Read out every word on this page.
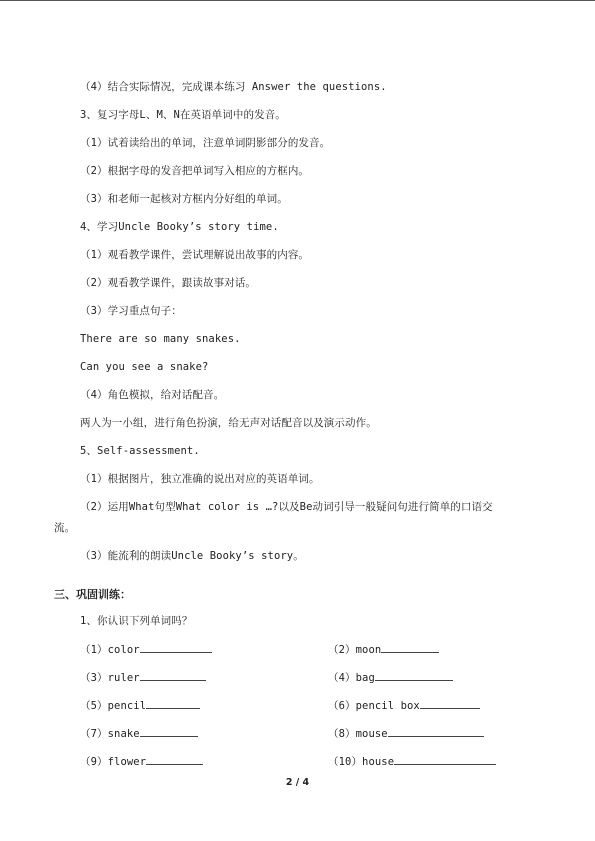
（4）结合实际情况，完成课本练习 Answer the questions.
3、复习字母L、M、N在英语单词中的发音。
（1）试着读给出的单词，注意单词阴影部分的发音。
（2）根据字母的发音把单词写入相应的方框内。
（3）和老师一起核对方框内分好组的单词。
4、学习Uncle Booky’s story time.
（1）观看教学课件，尝试理解说出故事的内容。
（2）观看教学课件，跟读故事对话。
（3）学习重点句子：
There are so many snakes.
Can you see a snake?
（4）角色模拟，给对话配音。
两人为一小组，进行角色扮演，给无声对话配音以及演示动作。
5、Self-assessment.
（1）根据图片，独立准确的说出对应的英语单词。
（2）运用What句型What color is …?以及Be动词引导一般疑问句进行简单的口语交
流。
（3）能流利的朗读Uncle Booky’s story。
三、巩固训练：
1、你认识下列单词吗？
（1）color	（2）moon
（3）ruler	（4）bag
（5）pencil	（6）pencil box
（7）snake	（8）mouse
（9）flower	（10）house
2 / 4
